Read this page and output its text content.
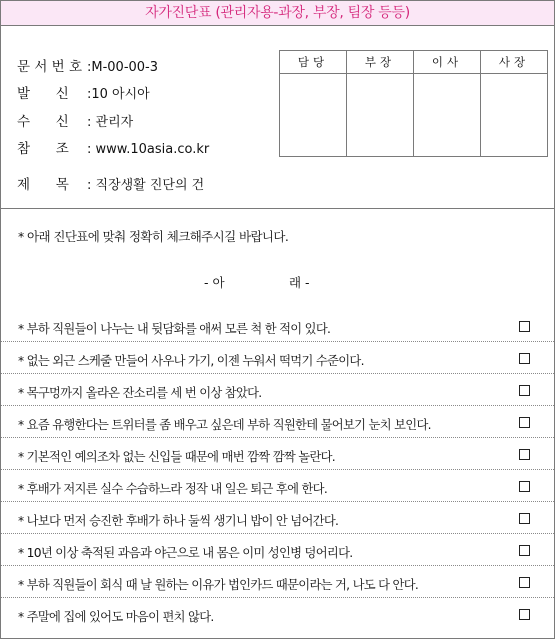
자가진단표 (관리자용-과장, 부장, 팀장 등등)
문 서 번 호 :M-00-00-3
발      신 :10 아시아
수      신 : 관리자
참      조 : www.10asia.co.kr
제      목 : 직장생활 진단의 건
담당	부장	이사	사장

* 아래 진단표에 맞춰 정확히 체크해주시길 바랍니다.
- 아	래 -
* 부하 직원들이 나누는 내 뒷담화를 애써 모른 척 한 적이 있다.
* 없는 외근 스케줄 만들어 사우나 가기, 이젠 누워서 떡먹기 수준이다.
* 목구멍까지 올라온 잔소리를 세 번 이상 참았다.
* 요즘 유행한다는 트위터를 좀 배우고 싶은데 부하 직원한테 물어보기 눈치 보인다.
* 기본적인 예의조차 없는 신입들 때문에 매번 깜짝 깜짝 놀란다.
* 후배가 저지른 실수 수습하느라 정작 내 일은 퇴근 후에 한다.
* 나보다 먼저 승진한 후배가 하나 둘씩 생기니 밥이 안 넘어간다.
* 10년 이상 축적된 과음과 야근으로 내 몸은 이미 성인병 덩어리다.
* 부하 직원들이 회식 때 날 원하는 이유가 법인카드 때문이라는 거, 나도 다 안다.
* 주말에 집에 있어도 마음이 편치 않다.
